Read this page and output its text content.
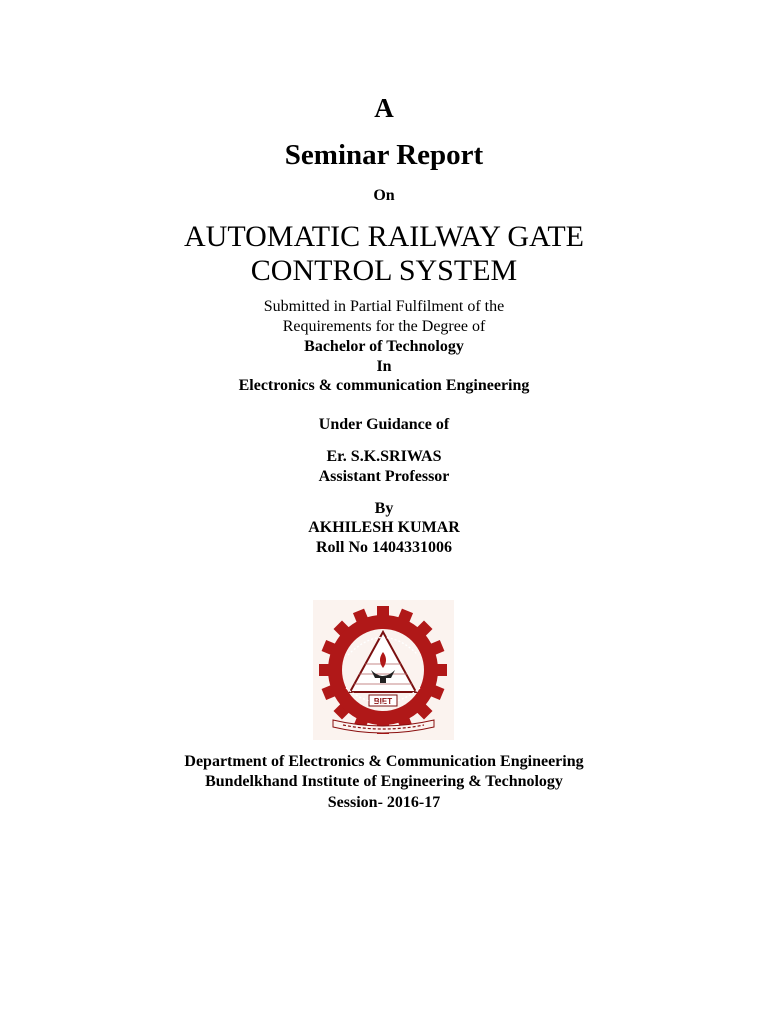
A
Seminar Report
On
AUTOMATIC RAILWAY GATE
CONTROL SYSTEM
Submitted in Partial Fulfilment of the
Requirements for the Degree of
Bachelor of Technology
In
Electronics & communication Engineering
Under Guidance of
Er. S.K.SRIWAS
Assistant Professor
By
AKHILESH KUMAR
Roll No 1404331006
BIET
Department of Electronics & Communication Engineering
Bundelkhand Institute of Engineering & Technology
Session- 2016-17
